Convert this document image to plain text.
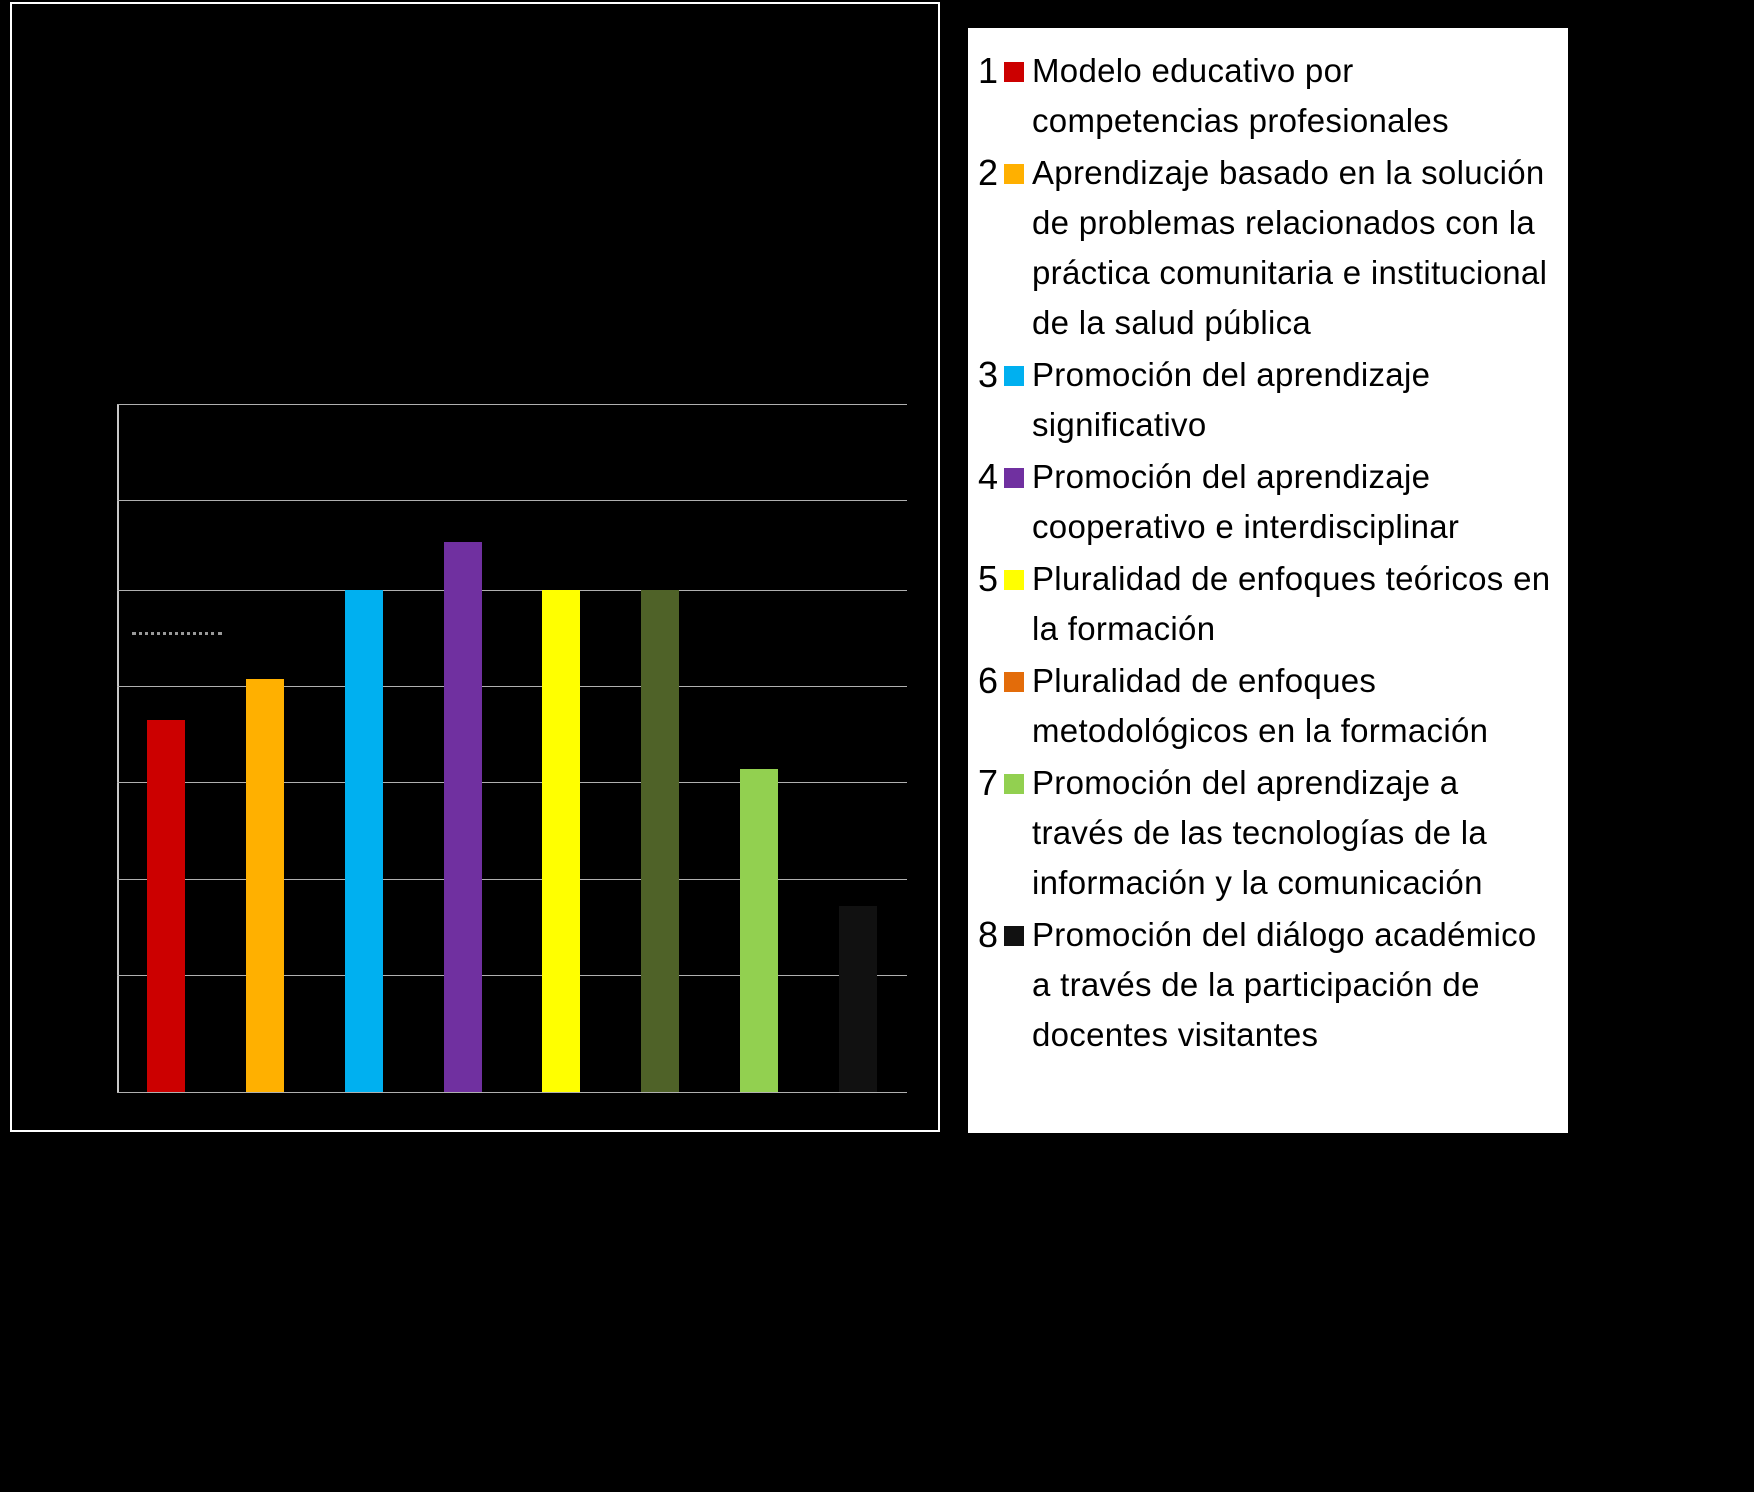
1 Modelo educativo por competencias profesionales
2 Aprendizaje basado en la solución de problemas relacionados con la práctica comunitaria e institucional de la salud pública
3 Promoción del aprendizaje significativo
4 Promoción del aprendizaje cooperativo e interdisciplinar
5 Pluralidad de enfoques teóricos en la formación
6 Pluralidad de enfoques metodológicos en la formación
7 Promoción del aprendizaje a través de las tecnologías de la información y la comunicación
8 Promoción del diálogo académico a través de la participación de docentes visitantes
